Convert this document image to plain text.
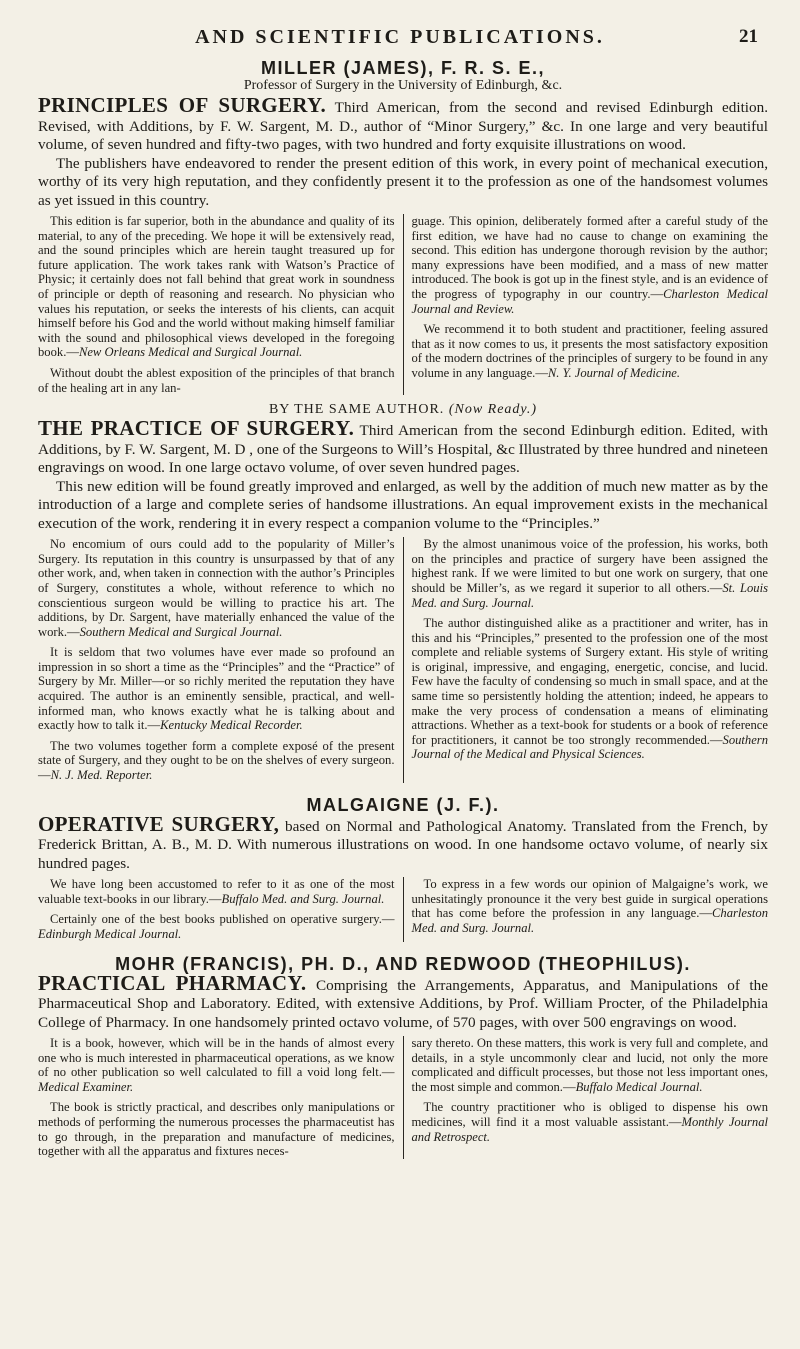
AND SCIENTIFIC PUBLICATIONS.	21

MILLER (JAMES), F. R. S. E.,

Professor of Surgery in the University of Edinburgh, &c.

PRINCIPLES OF SURGERY. Third American, from the second and revised Edinburgh edition. Revised, with Additions, by F. W. Sargent, M. D., author of “Minor Surgery,” &c. In one large and very beautiful volume, of seven hundred and fifty-two pages, with two hundred and forty exquisite illustrations on wood.

The publishers have endeavored to render the present edition of this work, in every point of mechanical execution, worthy of its very high reputation, and they confidently present it to the profession as one of the handsomest volumes as yet issued in this country.

This edition is far superior, both in the abundance and quality of its material, to any of the preceding. We hope it will be extensively read, and the sound principles which are herein taught treasured up for future application. The work takes rank with Watson’s Practice of Physic; it certainly does not fall behind that great work in soundness of principle or depth of reasoning and research. No physician who values his reputation, or seeks the interests of his clients, can acquit himself before his God and the world without making himself familiar with the sound and philosophical views developed in the foregoing book.—New Orleans Medical and Surgical Journal.

Without doubt the ablest exposition of the principles of that branch of the healing art in any lan-

guage. This opinion, deliberately formed after a careful study of the first edition, we have had no cause to change on examining the second. This edition has undergone thorough revision by the author; many expressions have been modified, and a mass of new matter introduced. The book is got up in the finest style, and is an evidence of the progress of typography in our country.—Charleston Medical Journal and Review.

We recommend it to both student and practitioner, feeling assured that as it now comes to us, it presents the most satisfactory exposition of the modern doctrines of the principles of surgery to be found in any volume in any language.—N. Y. Journal of Medicine.

BY THE SAME AUTHOR. (Now Ready.)

THE PRACTICE OF SURGERY. Third American from the second Edinburgh edition. Edited, with Additions, by F. W. Sargent, M. D , one of the Surgeons to Will’s Hospital, &c Illustrated by three hundred and nineteen engravings on wood. In one large octavo volume, of over seven hundred pages.

This new edition will be found greatly improved and enlarged, as well by the addition of much new matter as by the introduction of a large and complete series of handsome illustrations. An equal improvement exists in the mechanical execution of the work, rendering it in every respect a companion volume to the “Principles.”

No encomium of ours could add to the popularity of Miller’s Surgery. Its reputation in this country is unsurpassed by that of any other work, and, when taken in connection with the author’s Principles of Surgery, constitutes a whole, without reference to which no conscientious surgeon would be willing to practice his art. The additions, by Dr. Sargent, have materially enhanced the value of the work.—Southern Medical and Surgical Journal.

It is seldom that two volumes have ever made so profound an impression in so short a time as the “Principles” and the “Practice” of Surgery by Mr. Miller—or so richly merited the reputation they have acquired. The author is an eminently sensible, practical, and well-informed man, who knows exactly what he is talking about and exactly how to talk it.—Kentucky Medical Recorder.

The two volumes together form a complete exposé of the present state of Surgery, and they ought to be on the shelves of every surgeon.—N. J. Med. Reporter.

By the almost unanimous voice of the profession, his works, both on the principles and practice of surgery have been assigned the highest rank. If we were limited to but one work on surgery, that one should be Miller’s, as we regard it superior to all others.—St. Louis Med. and Surg. Journal.

The author distinguished alike as a practitioner and writer, has in this and his “Principles,” presented to the profession one of the most complete and reliable systems of Surgery extant. His style of writing is original, impressive, and engaging, energetic, concise, and lucid. Few have the faculty of condensing so much in small space, and at the same time so persistently holding the attention; indeed, he appears to make the very process of condensation a means of eliminating attractions. Whether as a text-book for students or a book of reference for practitioners, it cannot be too strongly recommended.—Southern Journal of the Medical and Physical Sciences.

MALGAIGNE (J. F.).

OPERATIVE SURGERY, based on Normal and Pathological Anatomy. Translated from the French, by Frederick Brittan, A. B., M. D. With numerous illustrations on wood. In one handsome octavo volume, of nearly six hundred pages.

We have long been accustomed to refer to it as one of the most valuable text-books in our library.—Buffalo Med. and Surg. Journal.

Certainly one of the best books published on operative surgery.—Edinburgh Medical Journal.

To express in a few words our opinion of Malgaigne’s work, we unhesitatingly pronounce it the very best guide in surgical operations that has come before the profession in any language.—Charleston Med. and Surg. Journal.

MOHR (FRANCIS), PH. D., AND REDWOOD (THEOPHILUS).

PRACTICAL PHARMACY. Comprising the Arrangements, Apparatus, and Manipulations of the Pharmaceutical Shop and Laboratory. Edited, with extensive Additions, by Prof. William Procter, of the Philadelphia College of Pharmacy. In one handsomely printed octavo volume, of 570 pages, with over 500 engravings on wood.

It is a book, however, which will be in the hands of almost every one who is much interested in pharmaceutical operations, as we know of no other publication so well calculated to fill a void long felt.—Medical Examiner.

The book is strictly practical, and describes only manipulations or methods of performing the numerous processes the pharmaceutist has to go through, in the preparation and manufacture of medicines, together with all the apparatus and fixtures neces-

sary thereto. On these matters, this work is very full and complete, and details, in a style uncommonly clear and lucid, not only the more complicated and difficult processes, but those not less important ones, the most simple and common.—Buffalo Medical Journal.

The country practitioner who is obliged to dispense his own medicines, will find it a most valuable assistant.—Monthly Journal and Retrospect.
